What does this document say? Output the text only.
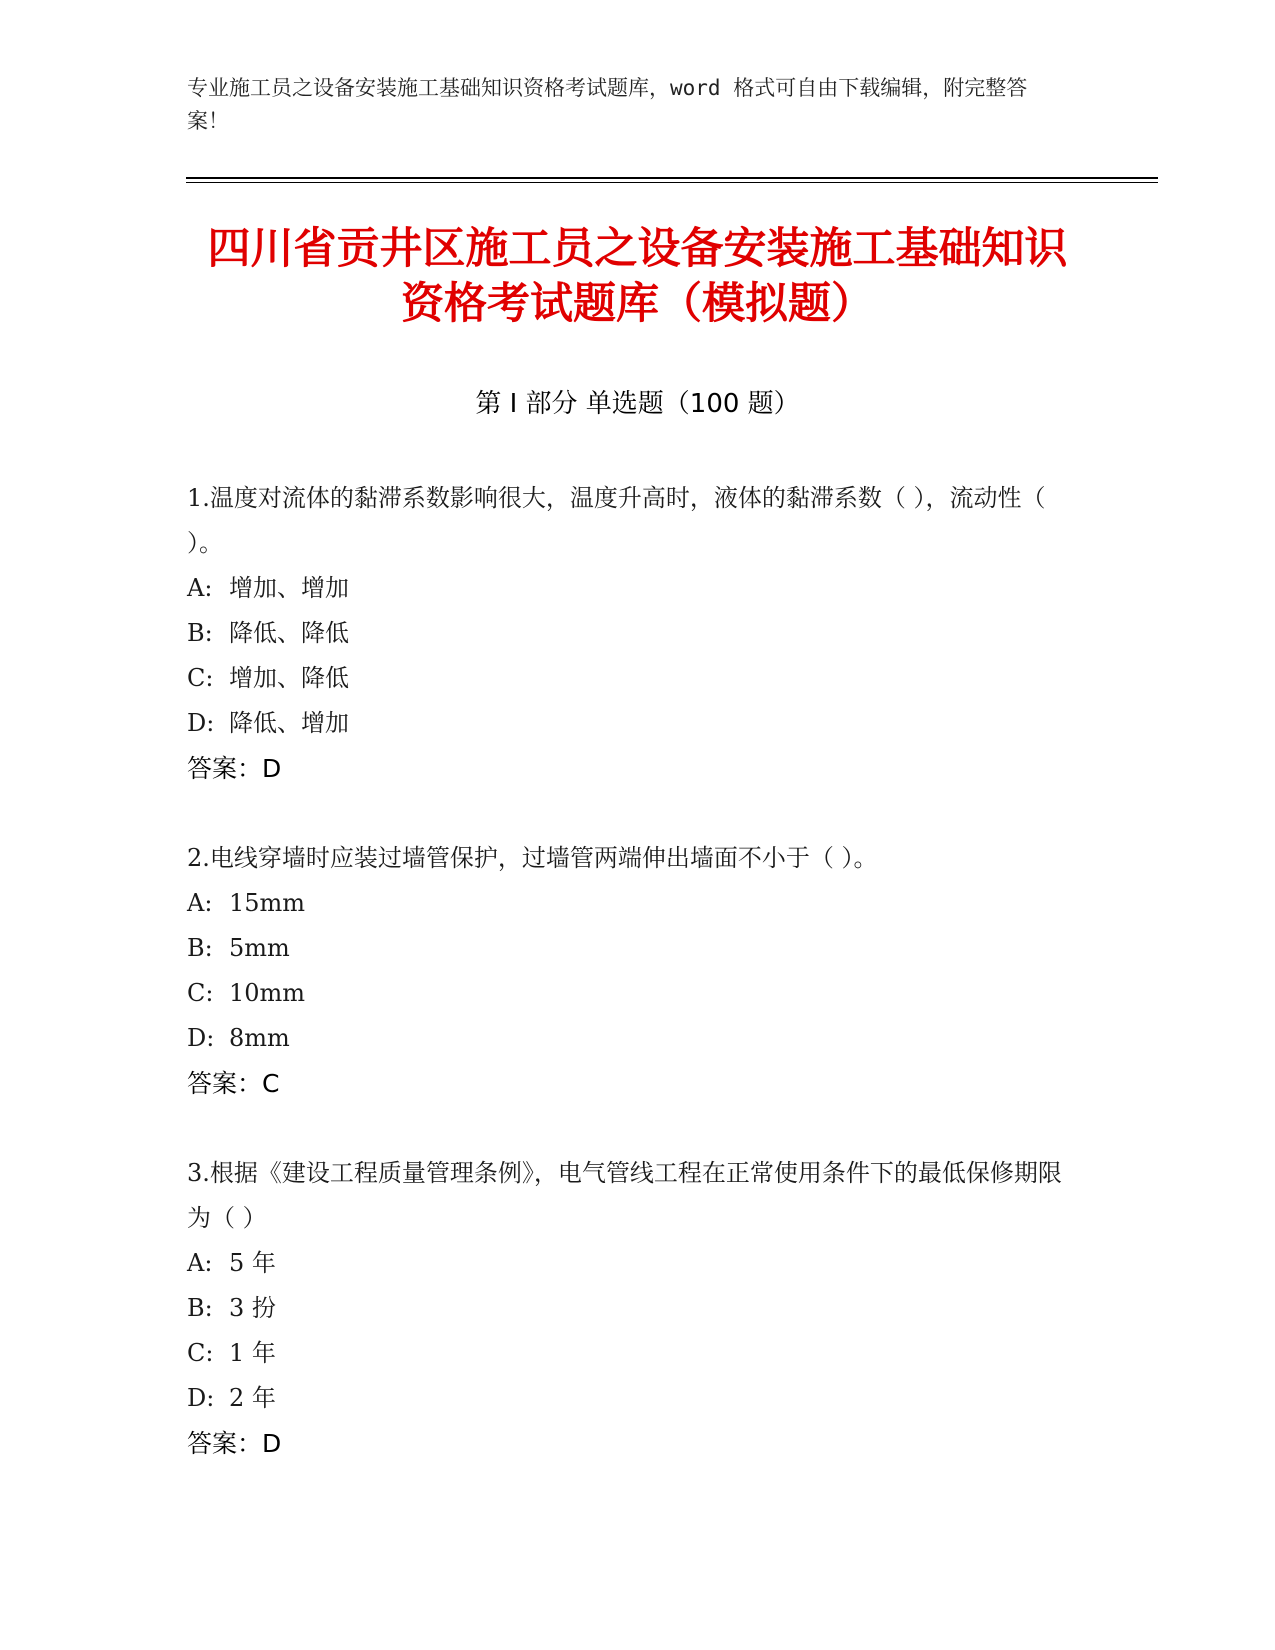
专业施工员之设备安装施工基础知识资格考试题库，word 格式可自由下载编辑，附完整答案！
四川省贡井区施工员之设备安装施工基础知识资格考试题库（模拟题）
第 I 部分 单选题（100 题）

1.温度对流体的黏滞系数影响很大，温度升高时，液体的黏滞系数（ ），流动性（ ）。

A: 增加、增加
B: 降低、降低
C: 增加、降低
D: 降低、增加
答案：D

2.电线穿墙时应装过墙管保护，过墙管两端伸出墙面不小于（ ）。

A: 15mm
B: 5mm
C: 10mm
D: 8mm
答案：C

3.根据《建设工程质量管理条例》，电气管线工程在正常使用条件下的最低保修期限为（ ）

A: 5 年
B: 3 扮
C: 1 年
D: 2 年
答案：D
